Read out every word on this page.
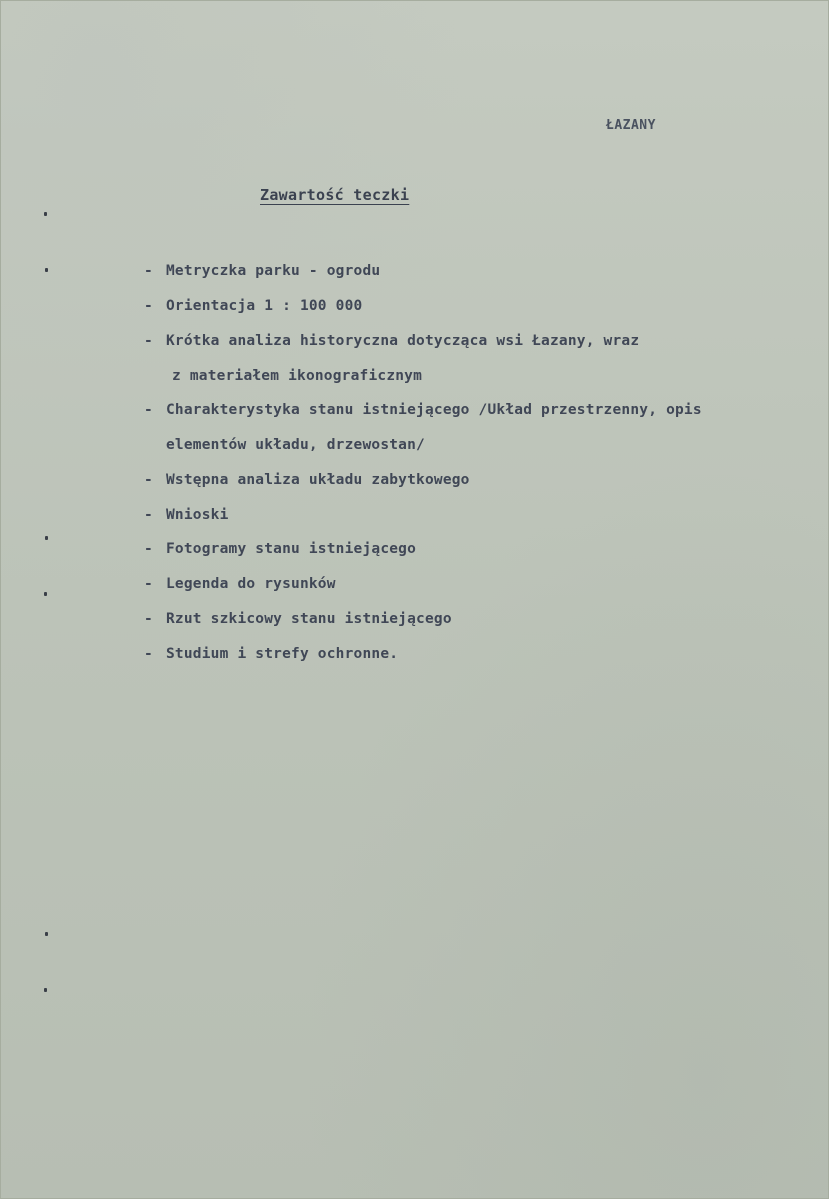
ŁAZANY
Zawartość teczki
- Metryczka parku - ogrodu
- Orientacja 1 : 100 000
- Krótka analiza historyczna dotycząca wsi Łazany, wraz
z materiałem ikonograficznym
- Charakterystyka stanu istniejącego /Układ przestrzenny, opis
elementów układu, drzewostan/
- Wstępna analiza układu zabytkowego
- Wnioski
- Fotogramy stanu istniejącego
- Legenda do rysunków
- Rzut szkicowy stanu istniejącego
- Studium i strefy ochronne.
